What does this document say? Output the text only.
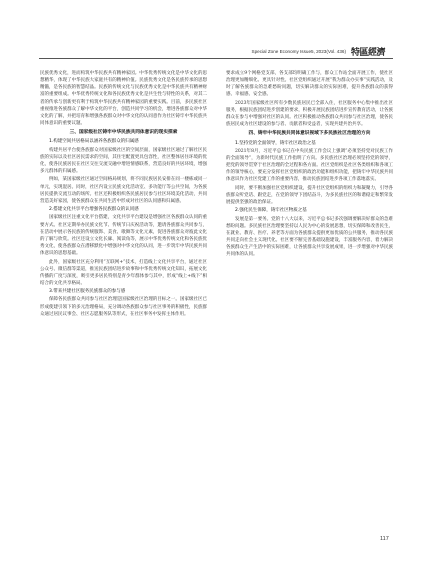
Special Zone Economy Issue5, 2023(Vol. 436) 特區經濟

民族优秀文化，进而构筑中华民族共有精神家园。中华优秀传统文化是中华文化的思想精华，体现了中华民族大家庭共有的精神价值。民族优秀文化是各民族传承的思想精髓，是各民族的智慧结晶。民族的传统文化与民族优秀文化是中华民族共有精神财富的重要组成。中华优秀传统文化和各民族优秀文化是共生性与特性的关系，对其二者的传承与创新更有利于构筑中华民族共有精神家园的重要实践。目前，多民族社区重视推进各族群众了解中华文化的平台，创造共同学习的机会，增进各族群众对中华文化的了解，并把培育和增强各族群众对中华文化的认同意作为社区铸牢中华民族共同体意识的重要议题。

三、国家级社区铸牢中华民族共同体意识的现实探索
1.构建空间共居格局以涵养各族群众的归属感

构建共居平台使各族群众对国家级社区的空间层面，国家级社区通过了解社区民族的实际以及社区居民需求的空间，其住宅配置更具包容性，社区整体居住环境的优化，使各民族居民在社区交往交流交融中增进情感联系，营造良好的共居环境，增强多元群体的归属感。

例如，某国家级社区通过空间格局规划，将不同民族居民安排在同一楼栋或同一单元，实现混居。同时，社区内设立民族文化活动室、多功能厅等公共空间，为各族居民提供交流互动的场所。社区还积极组织各民族居民参与社区环境美化活动，共同营造美好家园，使各族群众在共同生活中形成对社区的认同感和归属感。

2.搭建文化共享平台增强各民族群众的认同感

国家级社区注重文化平台搭建，文化共享平台建设是增强社区各族群众认同的重要方式。社区定期举办民族文化节、传统节日庆祝活动等，邀请各族群众共同参与，在活动中展示各民族的传统服饰、美食、歌舞等文化元素，促进各族群众对彼此文化的了解与欣赏。社区还设立文化长廊、阅读角等，展示中华优秀传统文化和各民族优秀文化，使各族群众在潜移默化中增强对中华文化的认同，进一步筑牢中华民族共同体意识的思想基础。

此外，国家级社区充分利用“互联网+”技术，打造线上文化共享平台，通过社区公众号、微信群等渠道，推送民族团结进步故事和中华优秀传统文化知识，拓展文化传播的广度与深度，吸引更多居民特别是青少年群体参与其中，形成“线上+线下”相结合的文化共享格局。

3.带来共建社区服务民族群众的参与感

保障各民族群众共同参与社区治理是国家级社区治理的目标之一。国家级社区已形成使建引领下的多元治理格局，充分调动各族群众参与社区事务的积极性，民族群众通过居民议事会、社区志愿服务队等形式，在社区事务中发挥主体作用。

要求成立9个网格党支部，各支部均明确工作与，群众工作站全面开展工作，使社区治理更加精细化、更具针对性。社区党组织通过开展“我为群众办实事”实践活动，及时了解各族群众的急难愁盼问题，切实解决群众的实际困难，提升各族群众的获得感、幸福感、安全感。

2023年国家级社区所有少数民族居民已全部入住，社区服务中心集中推出社区服务，根据民族团结进步创建的要求，积极开展民族团结进步宣传教育活动，让各族群众在参与中增强对社区的认同。社区积极推动各族群众共同参与社区治理，使各民族居民成为社区建设的参与者、贡献者和受益者，实现共建共治共享。

四、铸牢中华民族共同体意识视域下多民族社区治理的方向
1.坚持党的全面领导，铸牢社区政治之基

2021年8月，习近平总书记在中央民族工作会议上强调“必须坚持党对民族工作的全面领导”，为新时代民族工作指明了方向。多民族社区治理必须坚持党的领导，把党的领导贯穿于社区治理的全过程和各方面。社区党组织是社区各类组织和各项工作的领导核心，要充分发挥社区党组织的政治功能和组织功能，把铸牢中华民族共同体意识作为社区党建工作的重要内容，推动民族团结进步各项工作落地落实。

同时，要不断加强社区党组织建设，提升社区党组织的组织力和凝聚力，引导各族群众听党话、跟党走，在党的领导下团结奋斗，为多民族社区的和谐稳定和繁荣发展提供坚强的政治保证。

2.强化民生保障，铸牢社区物质之基

发展是第一要务。党的十八大以来，习近平总书记多次强调要解决好群众的急难愁盼问题。多民族社区治理要坚持以人民为中心的发展思想，切实保障和改善民生，在就业、教育、医疗、养老等方面为各族群众提供更加优质的公共服务，推动各民族共同走向社会主义现代化。社区要不断完善基础设施建设，丰富服务内容，着力解决各族群众生产生活中的实际困难，让各族群众共享发展成果，进一步增强对中华民族共同体的认同。

117
